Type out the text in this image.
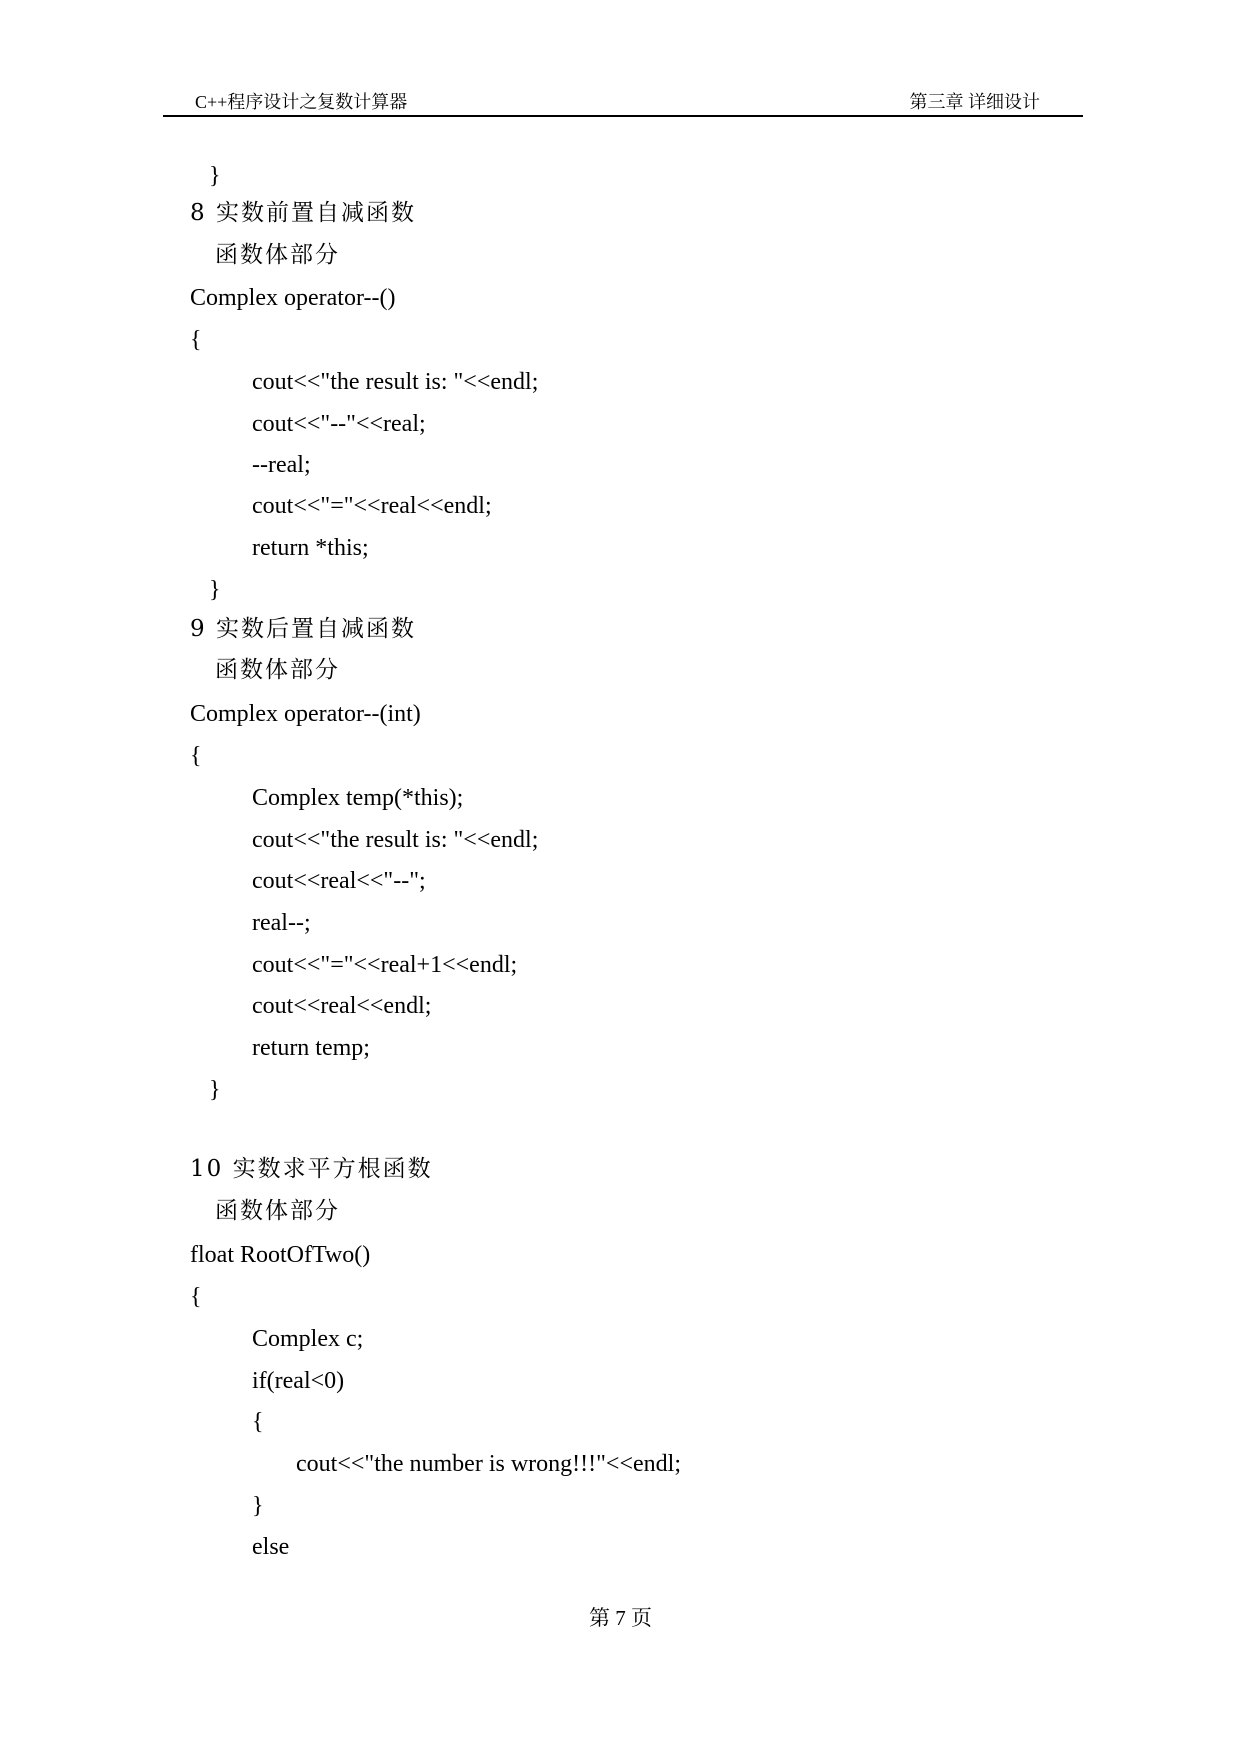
C++程序设计之复数计算器	第三章 详细设计
}
8 实数前置自减函数
函数体部分
Complex operator--()
{
cout<<"the result is: "<<endl;
cout<<"--"<<real;
--real;
cout<<"="<<real<<endl;
return *this;
}
9 实数后置自减函数
函数体部分
Complex operator--(int)
{
Complex temp(*this);
cout<<"the result is: "<<endl;
cout<<real<<"--";
real--;
cout<<"="<<real+1<<endl;
cout<<real<<endl;
return temp;
}
10 实数求平方根函数
函数体部分
float RootOfTwo()
{
Complex c;
if(real<0)
{
cout<<"the number is wrong!!!"<<endl;
}
else
第 7 页
